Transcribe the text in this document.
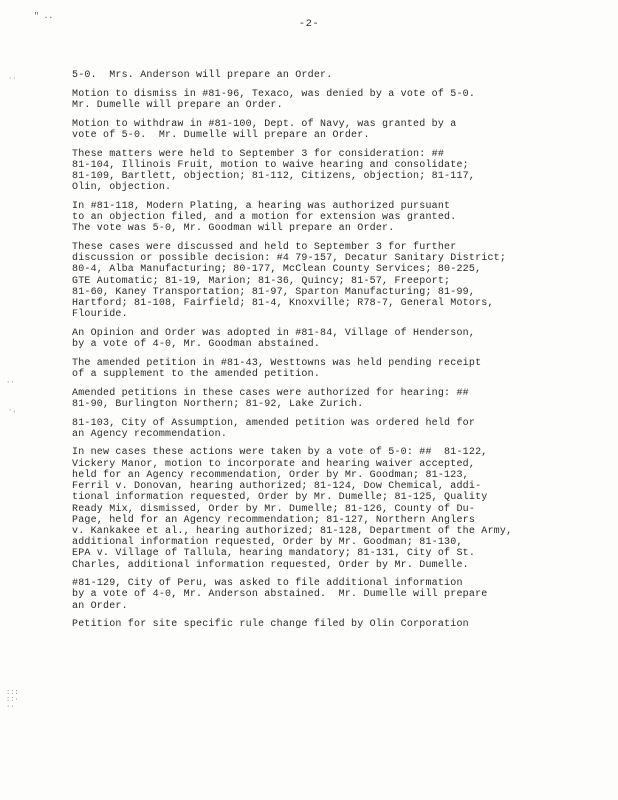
" ..
-2-
··
··
·.
:::
::·
··

5-0.  Mrs. Anderson will prepare an Order.

Motion to dismiss in #81-96, Texaco, was denied by a vote of 5-0.
Mr. Dumelle will prepare an Order.

Motion to withdraw in #81-100, Dept. of Navy, was granted by a
vote of 5-0.  Mr. Dumelle will prepare an Order.

These matters were held to September 3 for consideration: ##
81-104, Illinois Fruit, motion to waive hearing and consolidate;
81-109, Bartlett, objection; 81-112, Citizens, objection; 81-117,
Olin, objection.

In #81-118, Modern Plating, a hearing was authorized pursuant
to an objection filed, and a motion for extension was granted.
The vote was 5-0, Mr. Goodman will prepare an Order.

These cases were discussed and held to September 3 for further
discussion or possible decision: #4 79-157, Decatur Sanitary District;
80-4, Alba Manufacturing; 80-177, McClean County Services; 80-225,
GTE Automatic; 81-19, Marion; 81-36, Quincy; 81-57, Freeport;
81-60, Kaney Transportation; 81-97, Sparton Manufacturing; 81-99,
Hartford; 81-108, Fairfield; 81-4, Knoxville; R78-7, General Motors,
Flouride.

An Opinion and Order was adopted in #81-84, Village of Henderson,
by a vote of 4-0, Mr. Goodman abstained.

The amended petition in #81-43, Westtowns was held pending receipt
of a supplement to the amended petition.

Amended petitions in these cases were authorized for hearing: ##
81-90, Burlington Northern; 81-92, Lake Zurich.

81-103, City of Assumption, amended petition was ordered held for
an Agency recommendation.

In new cases these actions were taken by a vote of 5-0: ##  81-122,
Vickery Manor, motion to incorporate and hearing waiver accepted,
held for an Agency recommendation, Order by Mr. Goodman; 81-123,
Ferril v. Donovan, hearing authorized; 81-124, Dow Chemical, addi-
tional information requested, Order by Mr. Dumelle; 81-125, Quality
Ready Mix, dismissed, Order by Mr. Dumelle; 81-126, County of Du-
Page, held for an Agency recommendation; 81-127, Northern Anglers
v. Kankakee et al., hearing authorized; 81-128, Department of the Army,
additional information requested, Order by Mr. Goodman; 81-130,
EPA v. Village of Tallula, hearing mandatory; 81-131, City of St.
Charles, additional information requested, Order by Mr. Dumelle.

#81-129, City of Peru, was asked to file additional information
by a vote of 4-0, Mr. Anderson abstained.  Mr. Dumelle will prepare
an Order.

Petition for site specific rule change filed by Olin Corporation
